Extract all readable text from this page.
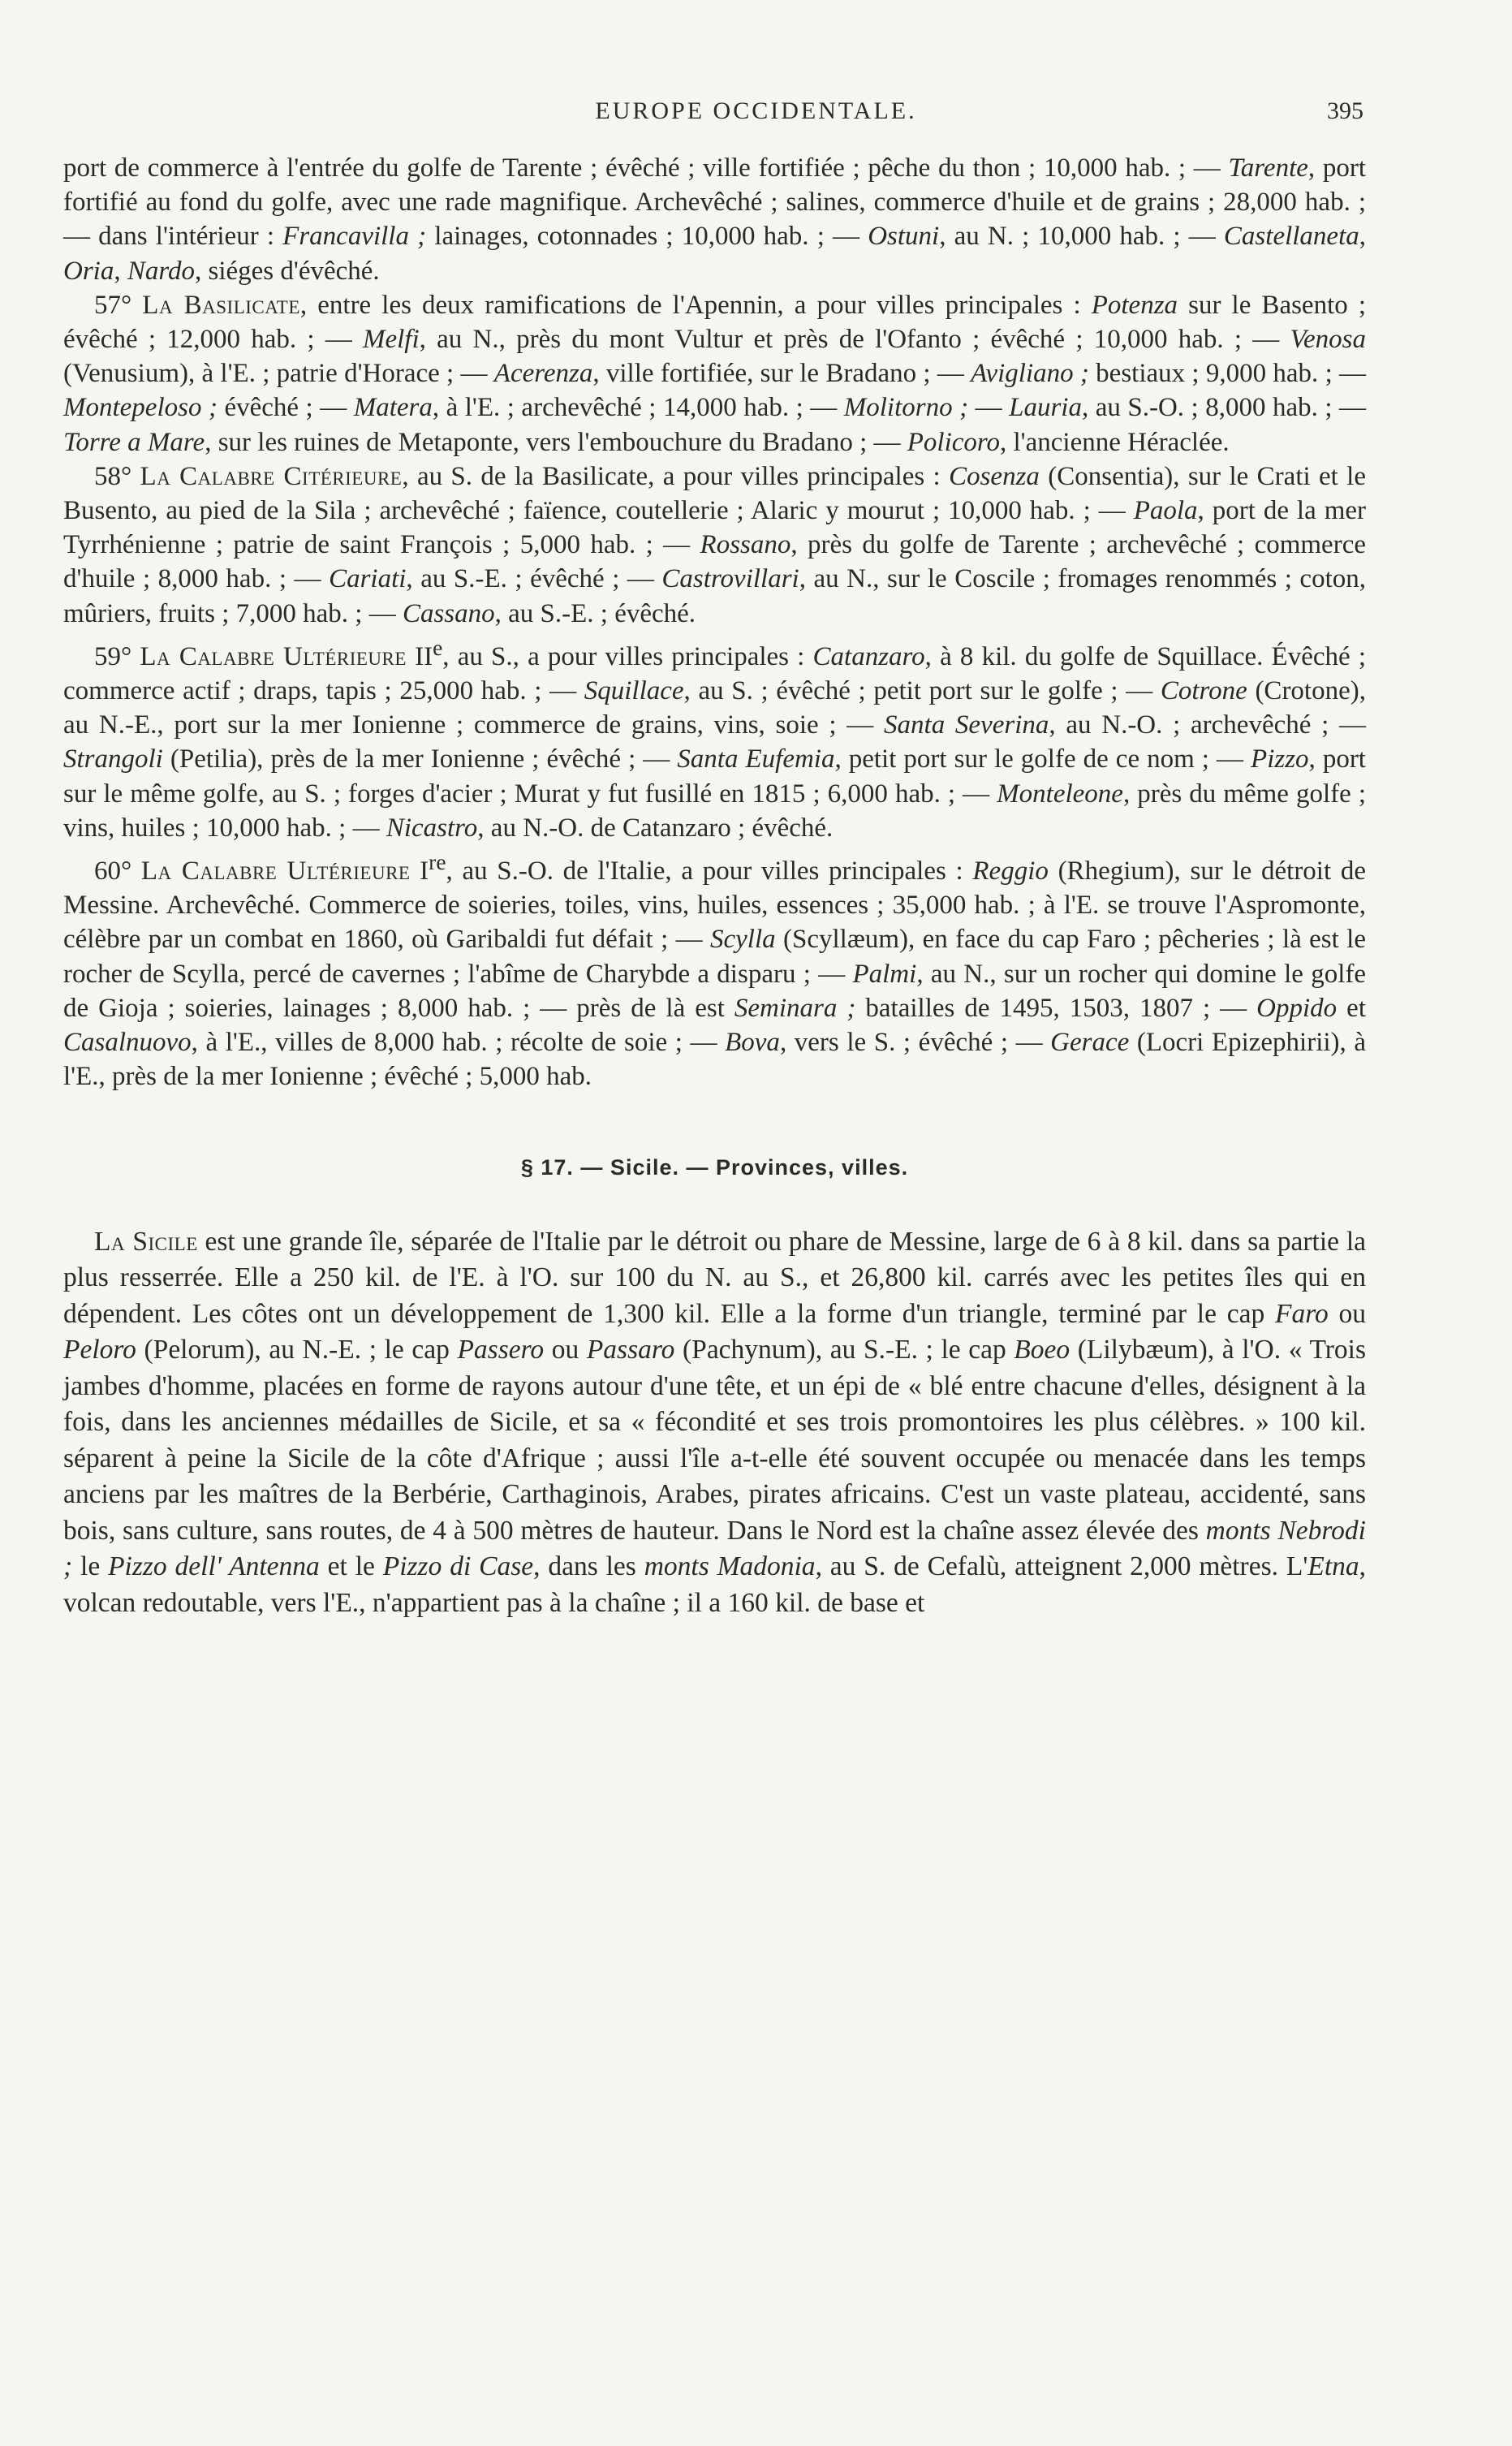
EUROPE OCCIDENTALE.	395

port de commerce à l'entrée du golfe de Tarente ; évêché ; ville fortifiée ; pêche du thon ; 10,000 hab. ; — Tarente, port fortifié au fond du golfe, avec une rade magnifique. Archevêché ; salines, commerce d'huile et de grains ; 28,000 hab. ; — dans l'intérieur : Francavilla ; lainages, cotonnades ; 10,000 hab. ; — Ostuni, au N. ; 10,000 hab. ; — Castellaneta, Oria, Nardo, siéges d'évêché.

57° La Basilicate, entre les deux ramifications de l'Apennin, a pour villes principales : Potenza sur le Basento ; évêché ; 12,000 hab. ; — Melfi, au N., près du mont Vultur et près de l'Ofanto ; évêché ; 10,000 hab. ; — Venosa (Venusium), à l'E. ; patrie d'Horace ; — Acerenza, ville fortifiée, sur le Bradano ; — Avigliano ; bestiaux ; 9,000 hab. ; — Montepeloso ; évêché ; — Matera, à l'E. ; archevêché ; 14,000 hab. ; — Molitorno ; — Lauria, au S.-O. ; 8,000 hab. ; — Torre a Mare, sur les ruines de Metaponte, vers l'embouchure du Bradano ; — Policoro, l'ancienne Héraclée.

58° La Calabre Citérieure, au S. de la Basilicate, a pour villes principales : Cosenza (Consentia), sur le Crati et le Busento, au pied de la Sila ; archevêché ; faïence, coutellerie ; Alaric y mourut ; 10,000 hab. ; — Paola, port de la mer Tyrrhénienne ; patrie de saint François ; 5,000 hab. ; — Rossano, près du golfe de Tarente ; archevêché ; commerce d'huile ; 8,000 hab. ; — Cariati, au S.-E. ; évêché ; — Castrovillari, au N., sur le Coscile ; fromages renommés ; coton, mûriers, fruits ; 7,000 hab. ; — Cassano, au S.-E. ; évêché.

59° La Calabre Ultérieure IIe, au S., a pour villes principales : Catanzaro, à 8 kil. du golfe de Squillace. Évêché ; commerce actif ; draps, tapis ; 25,000 hab. ; — Squillace, au S. ; évêché ; petit port sur le golfe ; — Cotrone (Crotone), au N.-E., port sur la mer Ionienne ; commerce de grains, vins, soie ; — Santa Severina, au N.-O. ; archevêché ; — Strangoli (Petilia), près de la mer Ionienne ; évêché ; — Santa Eufemia, petit port sur le golfe de ce nom ; — Pizzo, port sur le même golfe, au S. ; forges d'acier ; Murat y fut fusillé en 1815 ; 6,000 hab. ; — Monteleone, près du même golfe ; vins, huiles ; 10,000 hab. ; — Nicastro, au N.-O. de Catanzaro ; évêché.

60° La Calabre Ultérieure Ire, au S.-O. de l'Italie, a pour villes principales : Reggio (Rhegium), sur le détroit de Messine. Archevêché. Commerce de soieries, toiles, vins, huiles, essences ; 35,000 hab. ; à l'E. se trouve l'Aspromonte, célèbre par un combat en 1860, où Garibaldi fut défait ; — Scylla (Scyllæum), en face du cap Faro ; pêcheries ; là est le rocher de Scylla, percé de cavernes ; l'abîme de Charybde a disparu ; — Palmi, au N., sur un rocher qui domine le golfe de Gioja ; soieries, lainages ; 8,000 hab. ; — près de là est Seminara ; batailles de 1495, 1503, 1807 ; — Oppido et Casalnuovo, à l'E., villes de 8,000 hab. ; récolte de soie ; — Bova, vers le S. ; évêché ; — Gerace (Locri Epizephirii), à l'E., près de la mer Ionienne ; évêché ; 5,000 hab.

§ 17. — Sicile. — Provinces, villes.

La Sicile est une grande île, séparée de l'Italie par le détroit ou phare de Messine, large de 6 à 8 kil. dans sa partie la plus resserrée. Elle a 250 kil. de l'E. à l'O. sur 100 du N. au S., et 26,800 kil. carrés avec les petites îles qui en dépendent. Les côtes ont un développement de 1,300 kil. Elle a la forme d'un triangle, terminé par le cap Faro ou Peloro (Pelorum), au N.-E. ; le cap Passero ou Passaro (Pachynum), au S.-E. ; le cap Boeo (Lilybæum), à l'O. « Trois jambes d'homme, placées en forme de rayons autour d'une tête, et un épi de « blé entre chacune d'elles, désignent à la fois, dans les anciennes médailles de Sicile, et sa « fécondité et ses trois promontoires les plus célèbres. » 100 kil. séparent à peine la Sicile de la côte d'Afrique ; aussi l'île a-t-elle été souvent occupée ou menacée dans les temps anciens par les maîtres de la Berbérie, Carthaginois, Arabes, pirates africains. C'est un vaste plateau, accidenté, sans bois, sans culture, sans routes, de 4 à 500 mètres de hauteur. Dans le Nord est la chaîne assez élevée des monts Nebrodi ; le Pizzo dell' Antenna et le Pizzo di Case, dans les monts Madonia, au S. de Cefalù, atteignent 2,000 mètres. L'Etna, volcan redoutable, vers l'E., n'appartient pas à la chaîne ; il a 160 kil. de base et
